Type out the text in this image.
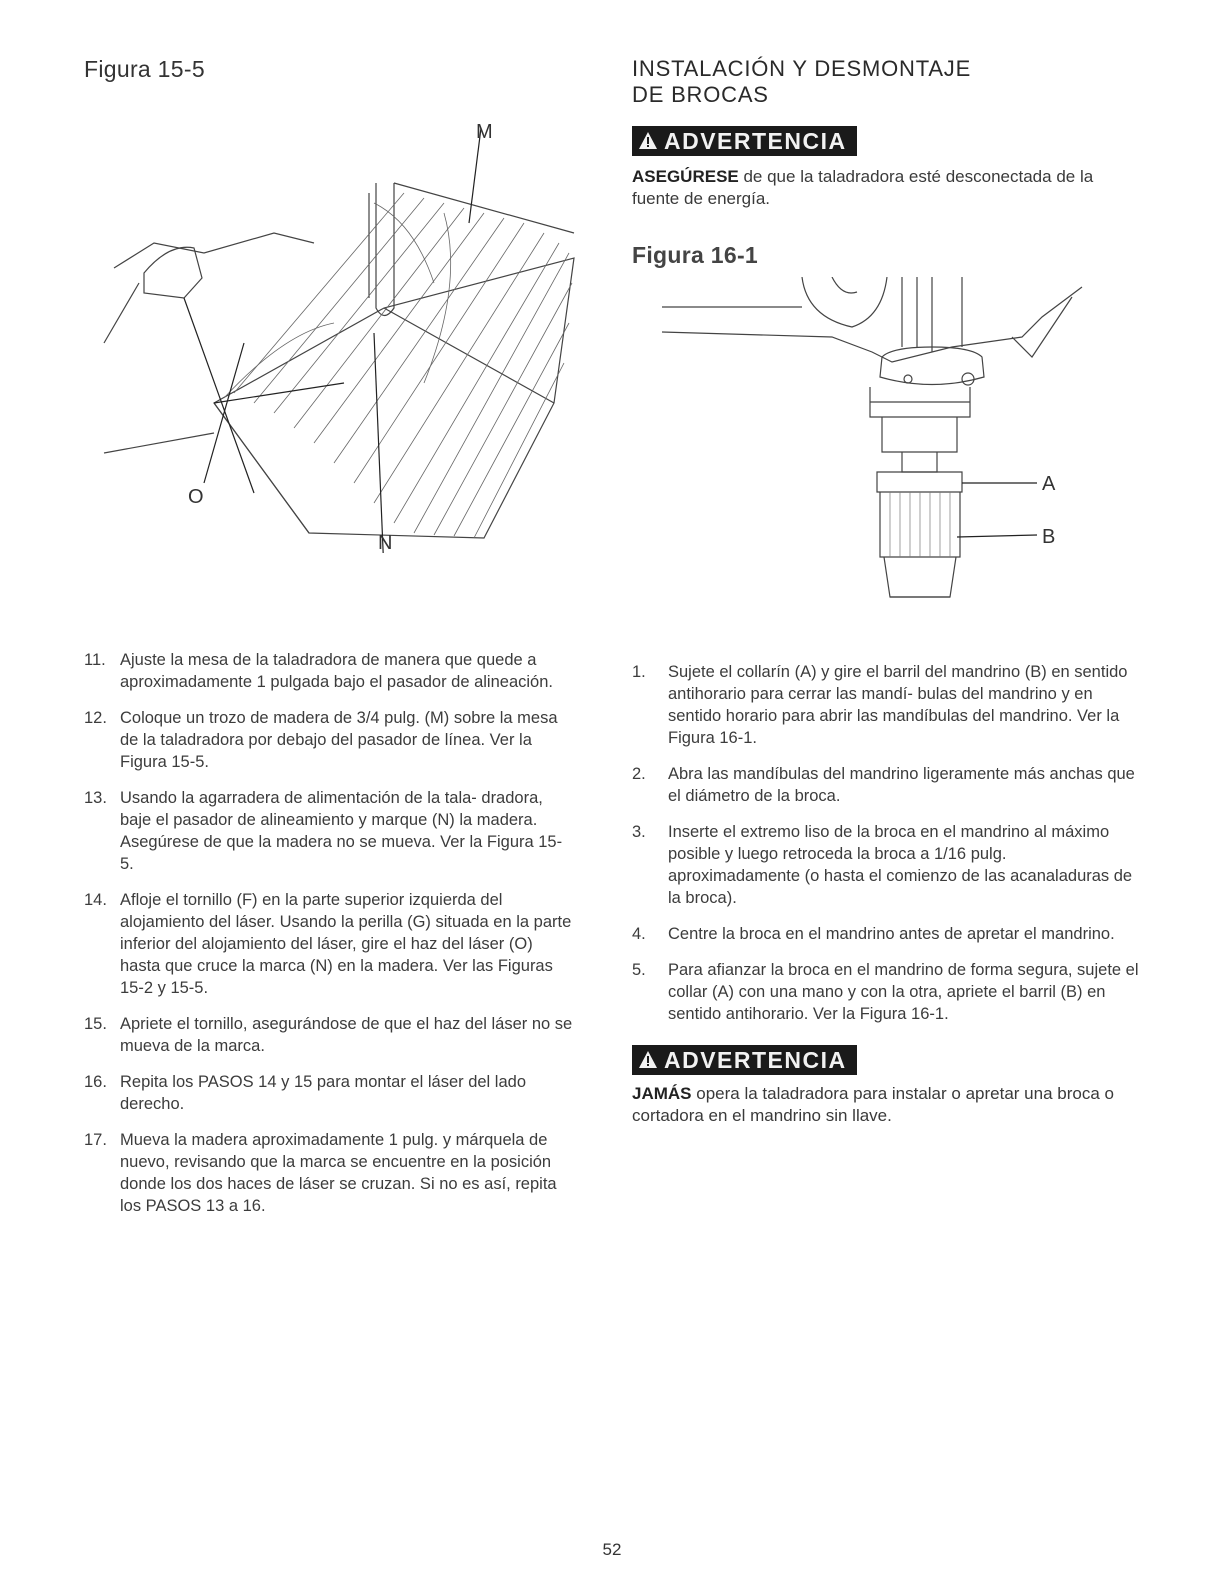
Figura 15-5
M
O
N
11. Ajuste la mesa de la taladradora de manera que quede a aproximadamente 1 pulgada bajo el pasador de alineación.
12. Coloque un trozo de madera de 3/4 pulg. (M) sobre la mesa de la taladradora por debajo del pasador de línea. Ver la Figura 15-5.
13. Usando la agarradera de alimentación de la tala- dradora, baje el pasador de alineamiento y marque (N) la madera. Asegúrese de que la madera no se mueva. Ver la Figura 15-5.
14. Afloje el tornillo (F) en la parte superior izquierda del alojamiento del láser. Usando la perilla (G) situada en la parte inferior del alojamiento del láser, gire el haz del láser (O) hasta que cruce la marca (N) en la madera. Ver las Figuras 15-2 y 15-5.
15. Apriete el tornillo, asegurándose de que el haz del láser no se mueva de la marca.
16. Repita los PASOS 14 y 15 para montar el láser del lado derecho.
17. Mueva la madera aproximadamente 1 pulg. y márquela de nuevo, revisando que la marca se encuentre en la posición donde los dos haces de láser se cruzan. Si no es así, repita los PASOS 13 a 16.
INSTALACIÓN Y DESMONTAJE
DE BROCAS
ADVERTENCIA

ASEGÚRESE de que la taladradora esté desconectada de la fuente de energía.

Figura 16-1
A
B
1. Sujete el collarín (A) y gire el barril del mandrino (B) en sentido antihorario para cerrar las mandí- bulas del mandrino y en sentido horario para abrir las mandíbulas del mandrino. Ver la Figura 16-1.
2. Abra las mandíbulas del mandrino ligeramente más anchas que el diámetro de la broca.
3. Inserte el extremo liso de la broca en el mandrino al máximo posible y luego retroceda la broca a 1/16 pulg. aproximadamente (o hasta el comienzo de las acanaladuras de la broca).
4. Centre la broca en el mandrino antes de apretar el mandrino.
5. Para afianzar la broca en el mandrino de forma segura, sujete el collar (A) con una mano y con la otra, apriete el barril (B) en sentido antihorario. Ver la Figura 16-1.
ADVERTENCIA

JAMÁS opera la taladradora para instalar o apretar una broca o cortadora en el mandrino sin llave.

52
